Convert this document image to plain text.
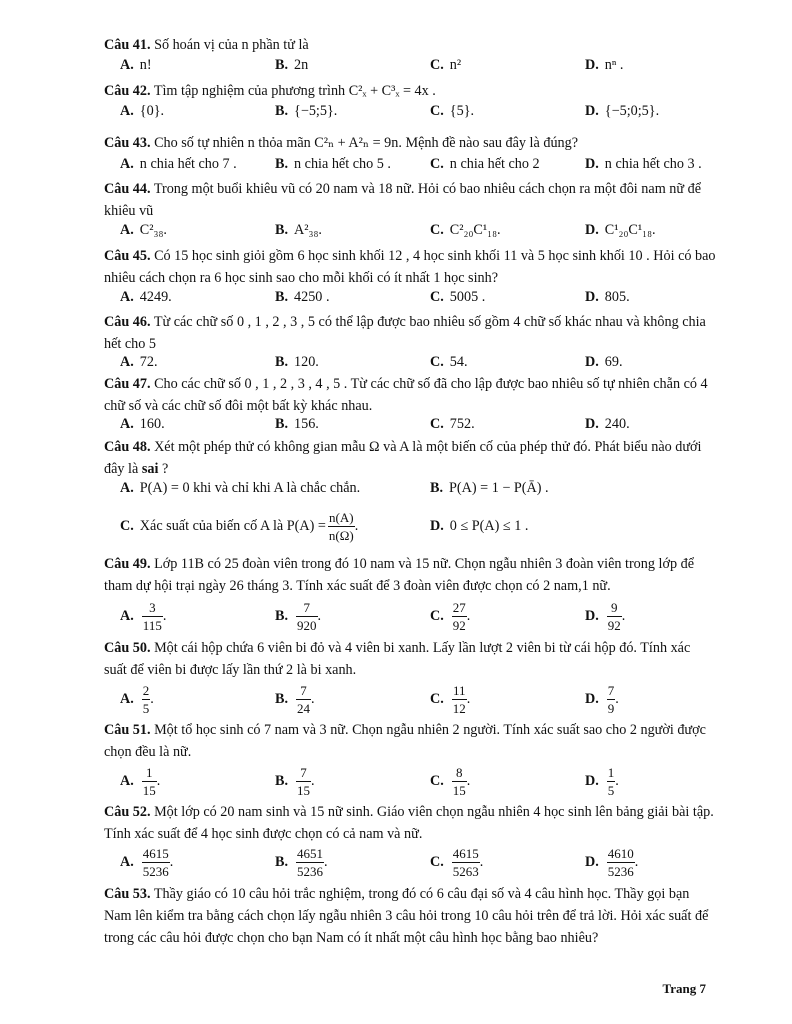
Câu 41. Số hoán vị của n phần tử là
A. n!	B. 2n	C. n²	D. nⁿ .
Câu 42. Tìm tập nghiệm của phương trình C²ₓ + C³ₓ = 4x .
A. {0}.	B. {−5;5}.	C. {5}.	D. {−5;0;5}.
Câu 43. Cho số tự nhiên n thỏa mãn C²ₙ + A²ₙ = 9n. Mệnh đề nào sau đây là đúng?
A. n chia hết cho 7 .	B. n chia hết cho 5 .	C. n chia hết cho 2	D. n chia hết cho 3 .
Câu 44. Trong một buổi khiêu vũ có 20 nam và 18 nữ. Hỏi có bao nhiêu cách chọn ra một đôi nam nữ để khiêu vũ
A. C²₃₈.	B. A²₃₈.	C. C²₂₀C¹₁₈.	D. C¹₂₀C¹₁₈.
Câu 45. Có 15 học sinh giỏi gồm 6 học sinh khối 12 , 4 học sinh khối 11 và 5 học sinh khối 10 . Hỏi có bao nhiêu cách chọn ra 6 học sinh sao cho mỗi khối có ít nhất 1 học sinh?
A. 4249.	B. 4250 .	C. 5005 .	D. 805.
Câu 46. Từ các chữ số 0 , 1 , 2 , 3 , 5 có thể lập được bao nhiêu số gồm 4 chữ số khác nhau và không chia hết cho 5
A. 72.	B. 120.	C. 54.	D. 69.
Câu 47. Cho các chữ số 0 , 1 , 2 , 3 , 4 , 5 . Từ các chữ số đã cho lập được bao nhiêu số tự nhiên chẵn có 4 chữ số và các chữ số đôi một bất kỳ khác nhau.
A. 160.	B. 156.	C. 752.	D. 240.
Câu 48. Xét một phép thử có không gian mẫu Ω và A là một biến cố của phép thử đó. Phát biểu nào dưới đây là sai ?
A. P(A) = 0 khi và chỉ khi A là chắc chắn.	B. P(A) = 1 − P(Ā) .
C. Xác suất của biến cố A là $P(A) = \frac{n(A)}{n(\Omega)}$ .	D. 0 ≤ P(A) ≤ 1 .
Câu 49. Lớp 11B có 25 đoàn viên trong đó 10 nam và 15 nữ. Chọn ngẫu nhiên 3 đoàn viên trong lớp để tham dự hội trại ngày 26 tháng 3. Tính xác suất để 3 đoàn viên được chọn có 2 nam,1 nữ.
A. $\frac{3}{115}$ .	B. $\frac{7}{920}$ .	C. $\frac{27}{92}$ .	D. $\frac{9}{92}$ .
Câu 50. Một cái hộp chứa 6 viên bi đỏ và 4 viên bi xanh. Lấy lần lượt 2 viên bi từ cái hộp đó. Tính xác suất để viên bi được lấy lần thứ 2 là bi xanh.
A. $\frac{2}{5}$ .	B. $\frac{7}{24}$ .	C. $\frac{11}{12}$ .	D. $\frac{7}{9}$ .
Câu 51. Một tổ học sinh có 7 nam và 3 nữ. Chọn ngẫu nhiên 2 người. Tính xác suất sao cho 2 người được chọn đều là nữ.
A. $\frac{1}{15}$ .	B. $\frac{7}{15}$ .	C. $\frac{8}{15}$ .	D. $\frac{1}{5}$ .
Câu 52. Một lớp có 20 nam sinh và 15 nữ sinh. Giáo viên chọn ngẫu nhiên 4 học sinh lên bảng giải bài tập. Tính xác suất để 4 học sinh được chọn có cả nam và nữ.
A. $\frac{4615}{5236}$ .	B. $\frac{4651}{5236}$ .	C. $\frac{4615}{5263}$ .	D. $\frac{4610}{5236}$ .
Câu 53. Thầy giáo có 10 câu hỏi trắc nghiệm, trong đó có 6 câu đại số và 4 câu hình học. Thầy gọi bạn Nam lên kiểm tra bằng cách chọn lấy ngẫu nhiên 3 câu hỏi trong 10 câu hỏi trên để trả lời. Hỏi xác suất để trong các câu hỏi được chọn cho bạn Nam có ít nhất một câu hình học bằng bao nhiêu?
Trang 7
